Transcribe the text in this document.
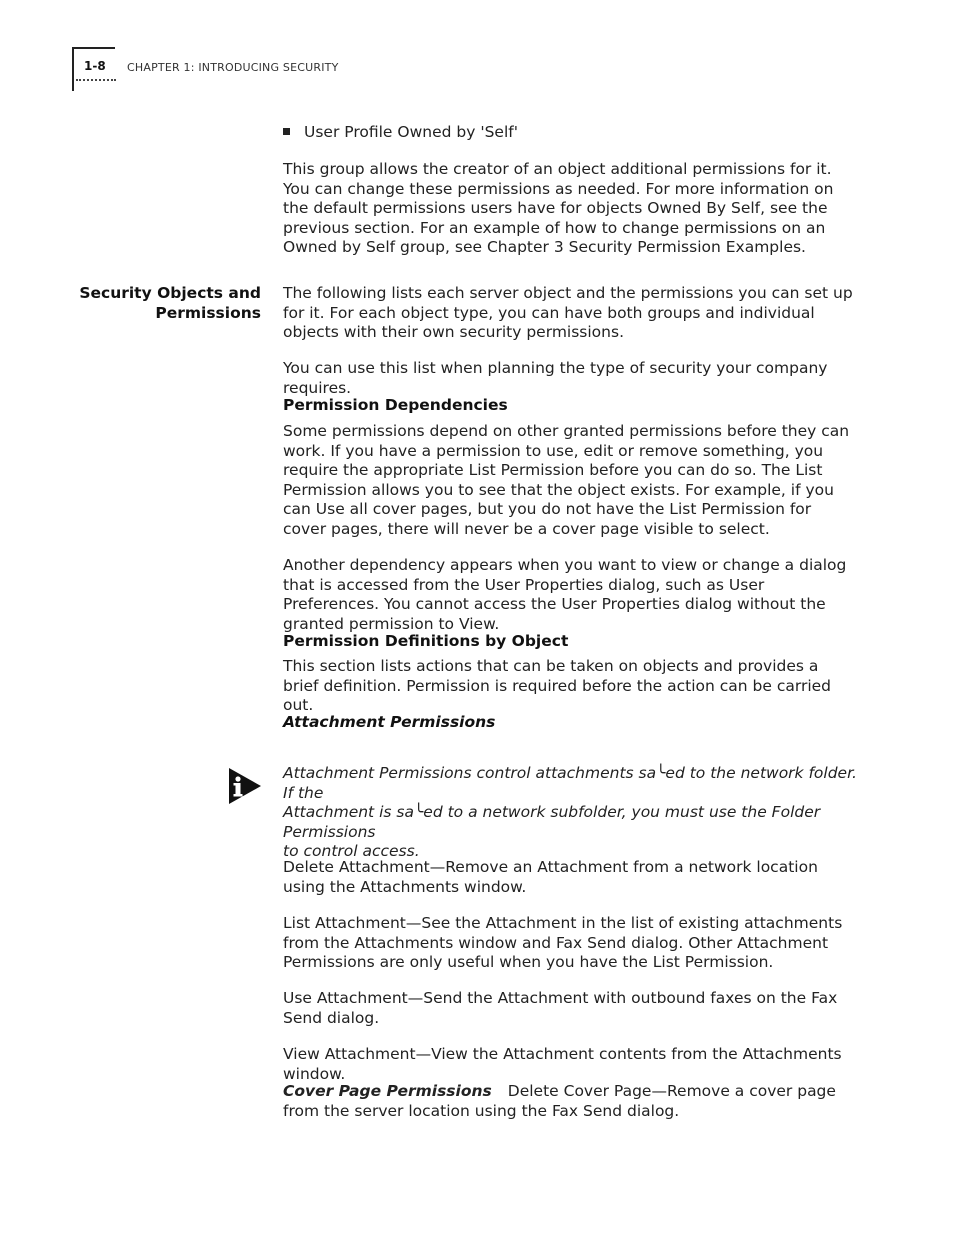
1-8 CHAPTER 1: INTRODUCING SECURITY
User Profile Owned by 'Self'

This group allows the creator of an object additional permissions for it. You can change these permissions as needed. For more information on the default permissions users have for objects Owned By Self, see the previous section. For an example of how to change permissions on an Owned by Self group, see Chapter 3 Security Permission Examples.

Security Objects and
Permissions

The following lists each server object and the permissions you can set up for it. For each object type, you can have both groups and individual objects with their own security permissions.

You can use this list when planning the type of security your company requires.

Permission Dependencies

Some permissions depend on other granted permissions before they can work. If you have a permission to use, edit or remove something, you require the appropriate List Permission before you can do so. The List Permission allows you to see that the object exists. For example, if you can Use all cover pages, but you do not have the List Permission for cover pages, there will never be a cover page visible to select.

Another dependency appears when you want to view or change a dialog that is accessed from the User Properties dialog, such as User Preferences. You cannot access the User Properties dialog without the granted permission to View.

Permission Definitions by Object

This section lists actions that can be taken on objects and provides a brief definition. Permission is required before the action can be carried out.

Attachment Permissions

Attachment Permissions control attachments sa╰ed to the network folder. If the

Attachment is sa╰ed to a network subfolder, you must use the Folder Permissions

to control access.

Delete Attachment—Remove an Attachment from a network location using the Attachments window.

List Attachment—See the Attachment in the list of existing attachments from the Attachments window and Fax Send dialog. Other Attachment Permissions are only useful when you have the List Permission.

Use Attachment—Send the Attachment with outbound faxes on the Fax Send dialog.

View Attachment—View the Attachment contents from the Attachments window.

Cover Page Permissions Delete Cover Page—Remove a cover page from the server location using the Fax Send dialog.
